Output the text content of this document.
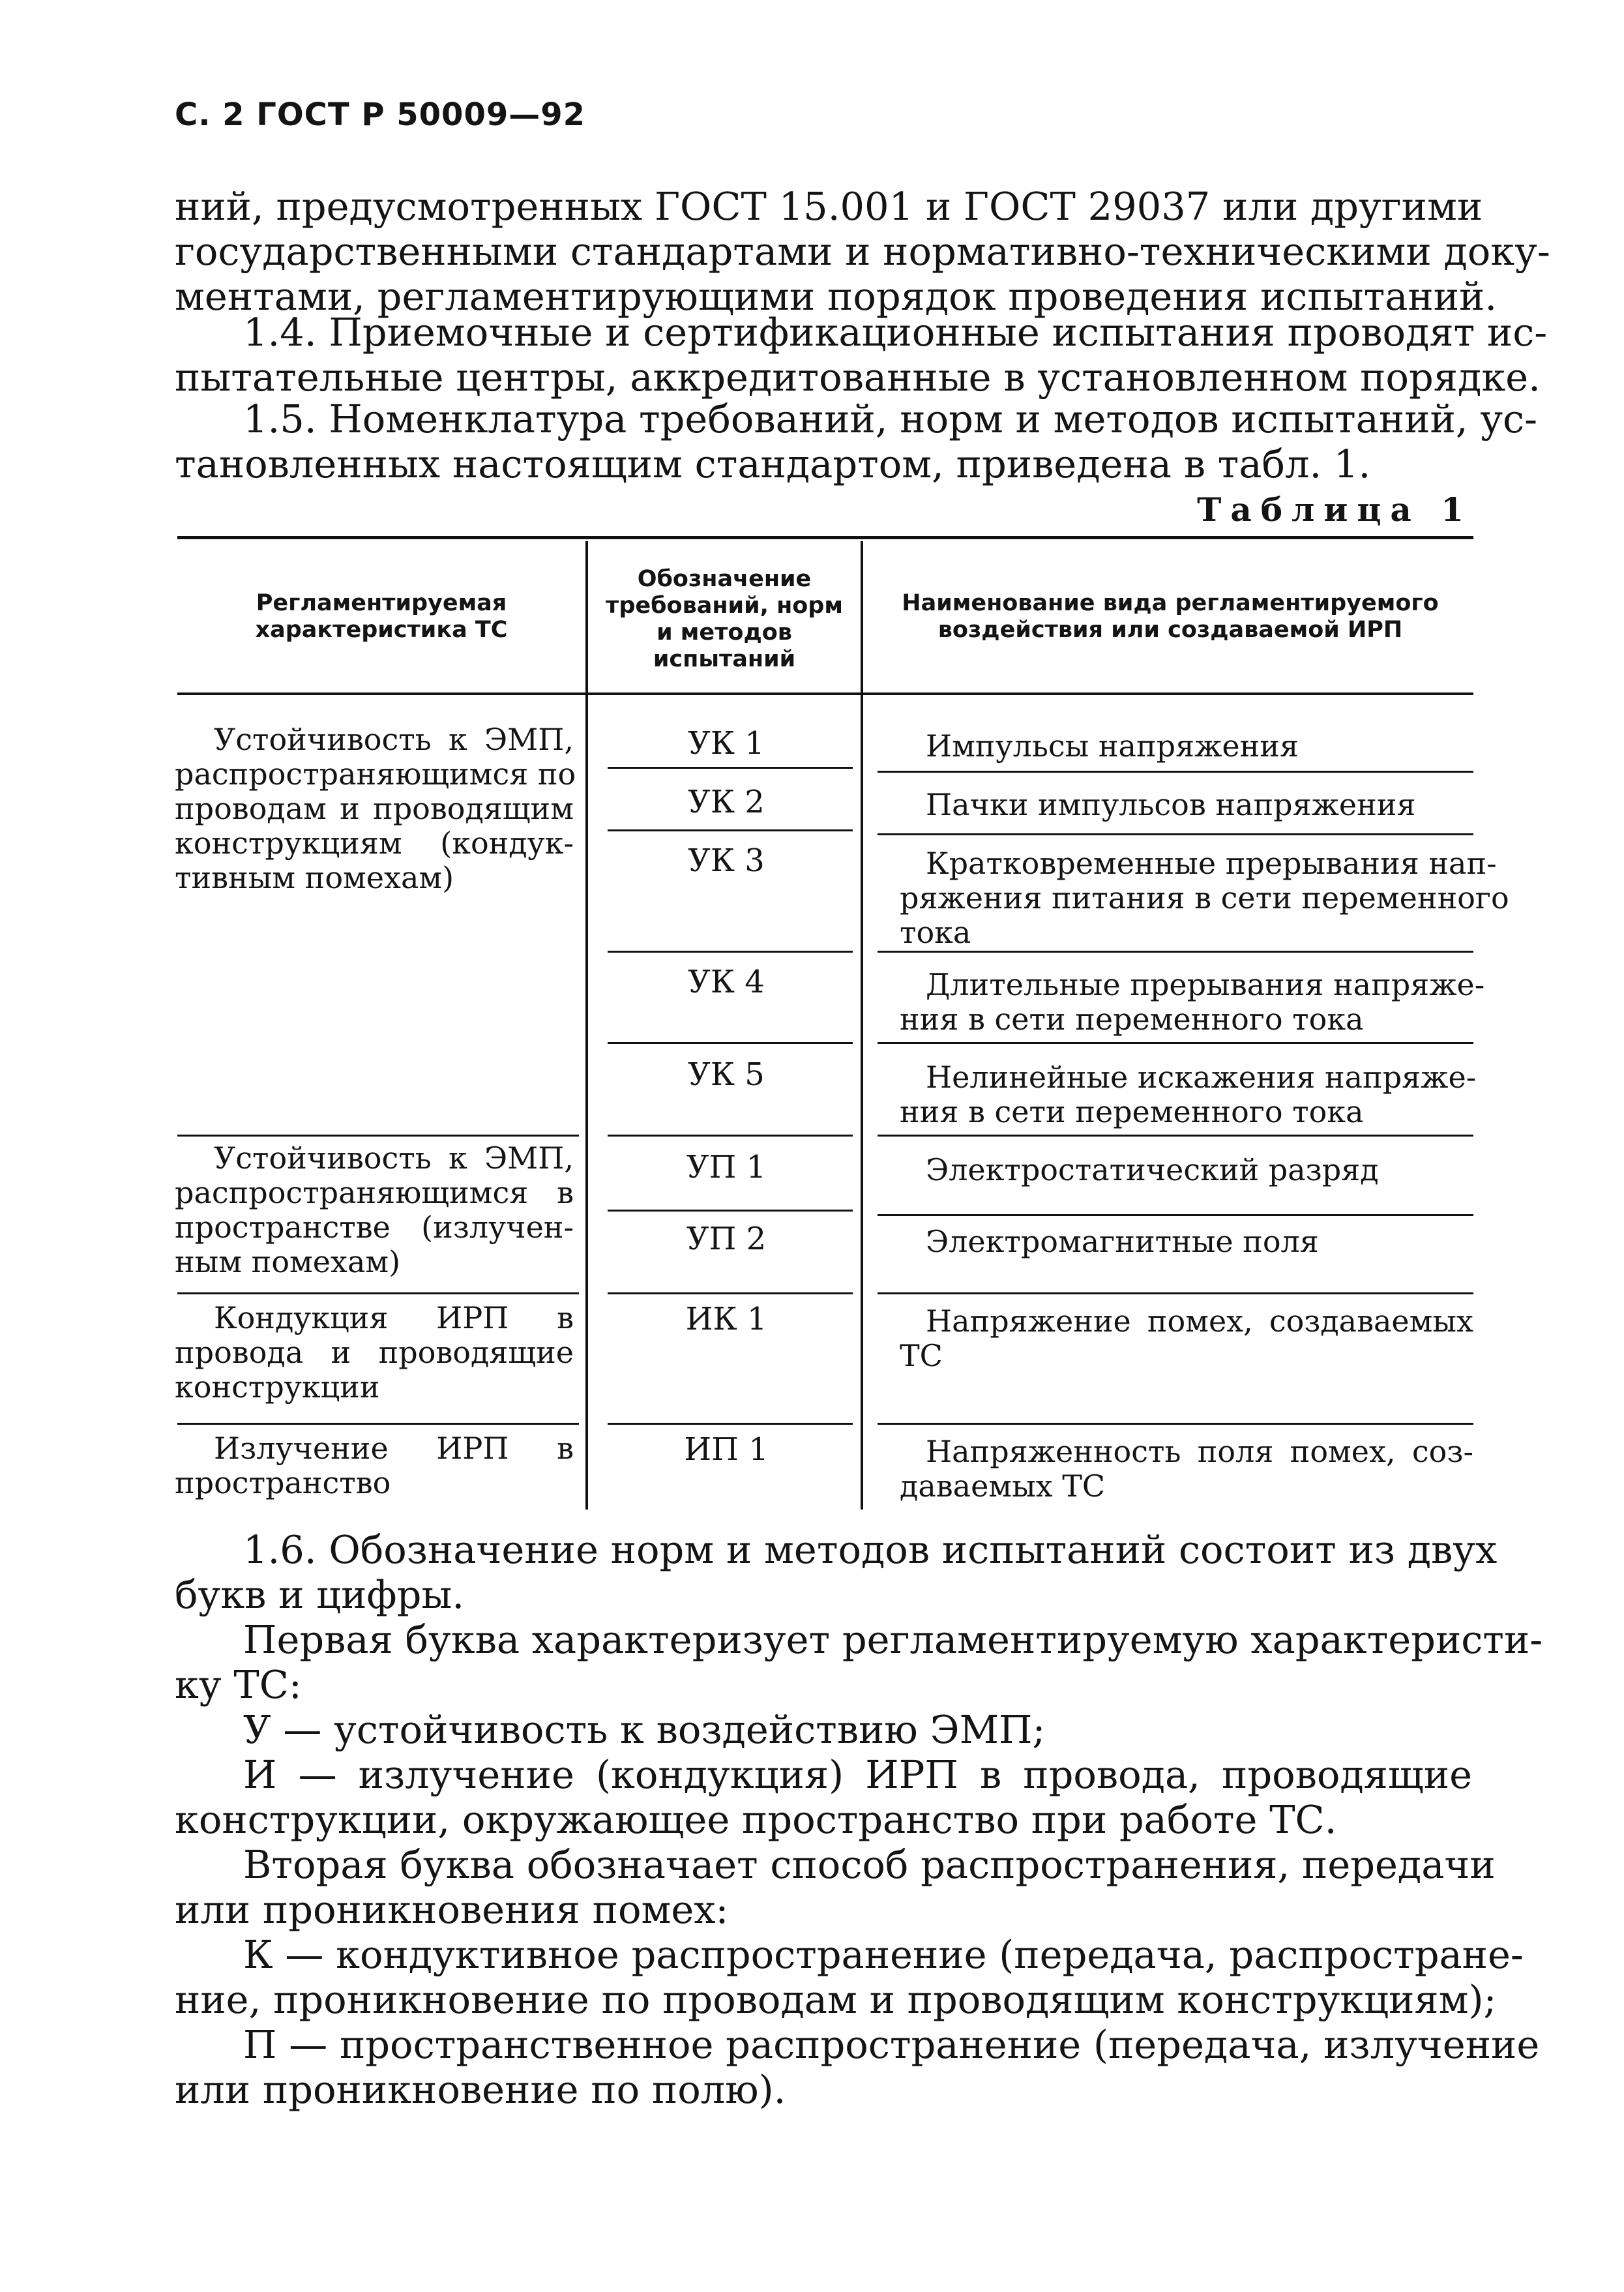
С. 2 ГОСТ Р 50009—92
ний, предусмотренных ГОСТ 15.001 и ГОСТ 29037 или другими
государственными стандартами и нормативно-техническими доку-
ментами, регламентирующими порядок проведения испытаний.
1.4. Приемочные и сертификационные испытания проводят ис-
пытательные центры, аккредитованные в установленном порядке.
1.5. Номенклатура требований, норм и методов испытаний, ус-
тановленных настоящим стандартом, приведена в табл. 1.
Таблица 1
Регламентируемая
характеристика ТС
Обозначение
требований, норм
и методов
испытаний
Наименование вида регламентируемого
воздействия или создаваемой ИРП
Устойчивость к ЭМП,
распространяющимся по
проводам и проводящим
конструкциям (кондук-
тивным помехам)
Устойчивость к ЭМП,
распространяющимся в
пространстве (излучен-
ным помехам)
Кондукция ИРП в
провода и проводящие
конструкции
Излучение ИРП в
пространство
УК 1
УК 2
УК 3
УК 4
УК 5
УП 1
УП 2
ИК 1
ИП 1
Импульсы напряжения
Пачки импульсов напряжения
Кратковременные прерывания нап-
ряжения питания в сети переменного
тока
Длительные прерывания напряже-
ния в сети переменного тока
Нелинейные искажения напряже-
ния в сети переменного тока
Электростатический разряд
Электромагнитные поля
Напряжение помех, создаваемых
ТС
Напряженность поля помех, соз-
даваемых ТС
1.6. Обозначение норм и методов испытаний состоит из двух
букв и цифры.
Первая буква характеризует регламентируемую характеристи-
ку ТС:
У — устойчивость к воздействию ЭМП;
И — излучение (кондукция) ИРП в провода, проводящие
конструкции, окружающее пространство при работе ТС.
Вторая буква обозначает способ распространения, передачи
или проникновения помех:
К — кондуктивное распространение (передача, распростране-
ние, проникновение по проводам и проводящим конструкциям);
П — пространственное распространение (передача, излучение
или проникновение по полю).
